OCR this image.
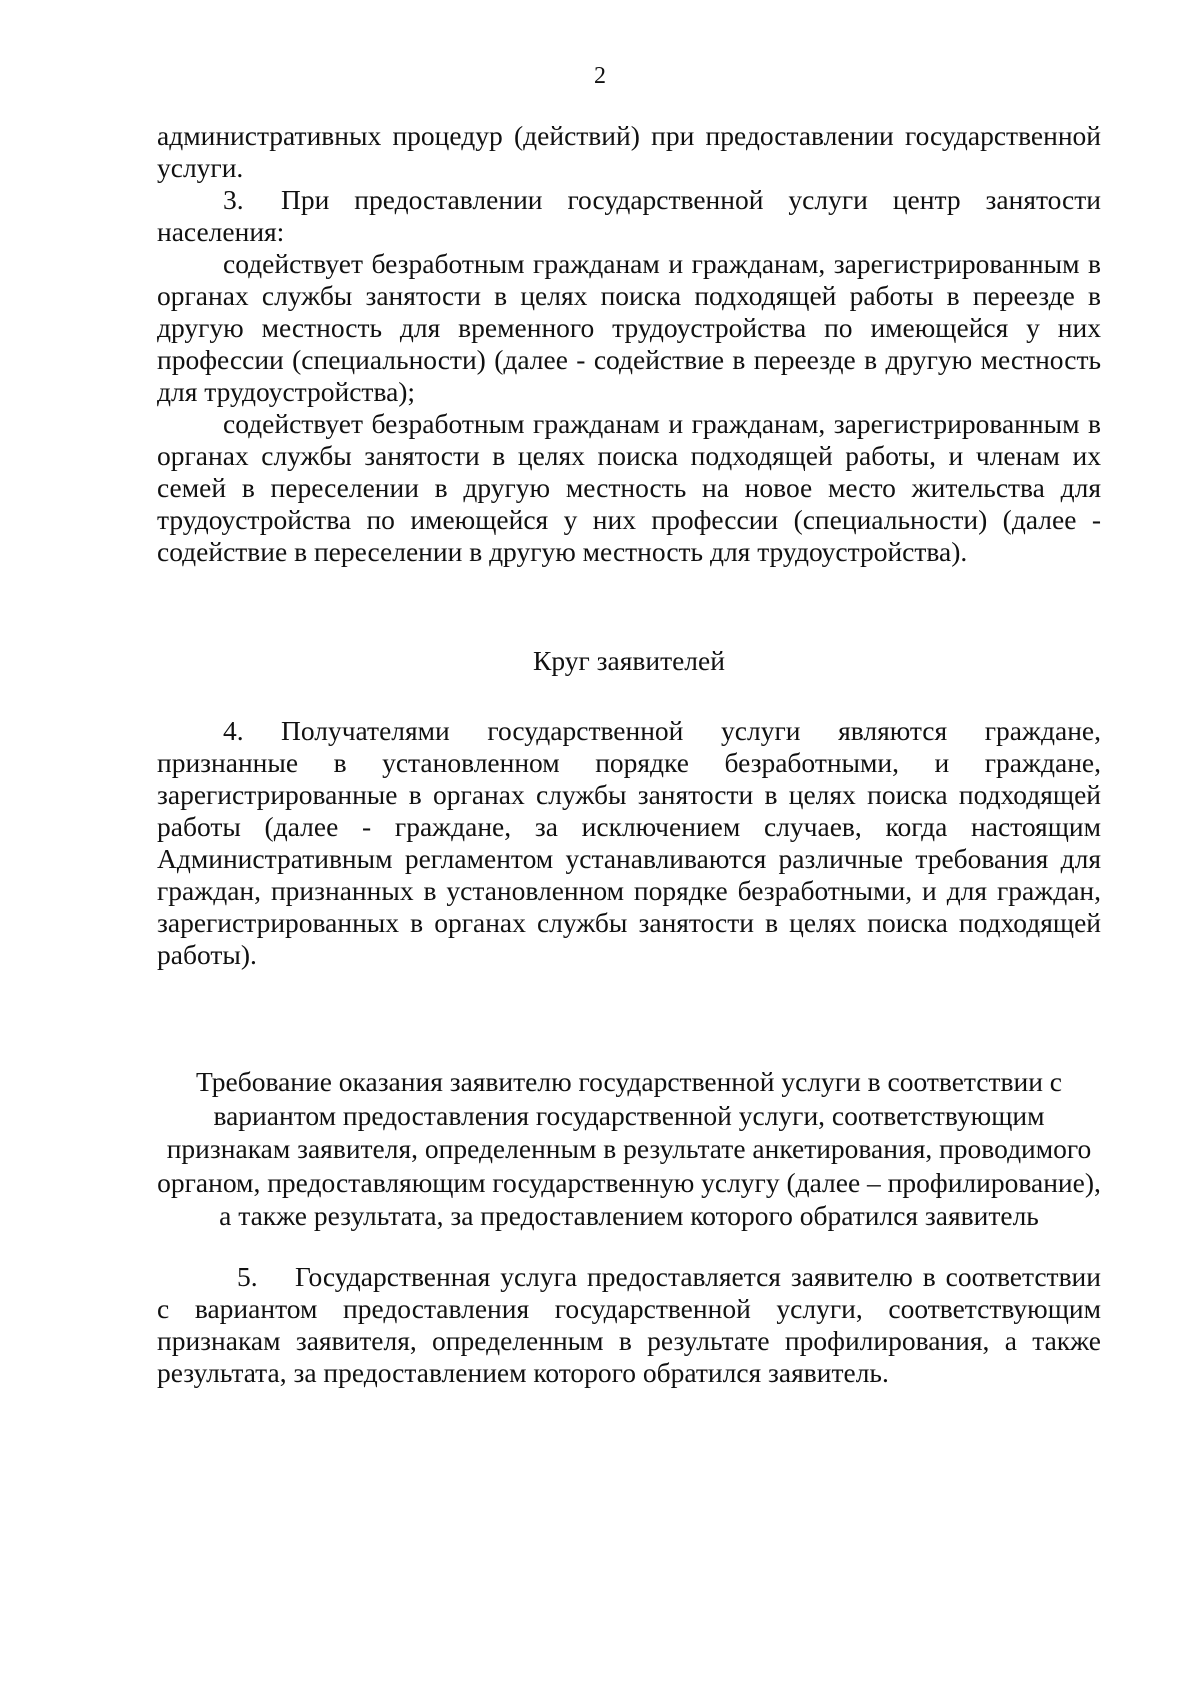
2

административных процедур (действий) при предоставлении государственной услуги.

3. При предоставлении государственной услуги центр занятости населения:

содействует безработным гражданам и гражданам, зарегистрированным в органах службы занятости в целях поиска подходящей работы в переезде в другую местность для временного трудоустройства по имеющейся у них профессии (специальности) (далее - содействие в переезде в другую местность для трудоустройства);

содействует безработным гражданам и гражданам, зарегистрированным в органах службы занятости в целях поиска подходящей работы, и членам их семей в переселении в другую местность на новое место жительства для трудоустройства по имеющейся у них профессии (специальности) (далее - содействие в переселении в другую местность для трудоустройства).

Круг заявителей

4. Получателями государственной услуги являются граждане, признанные в установленном порядке безработными, и граждане, зарегистрированные в органах службы занятости в целях поиска подходящей работы (далее - граждане, за исключением случаев, когда настоящим Административным регламентом устанавливаются различные требования для граждан, признанных в установленном порядке безработными, и для граждан, зарегистрированных в органах службы занятости в целях поиска подходящей работы).

Требование оказания заявителю государственной услуги в соответствии с вариантом предоставления государственной услуги, соответствующим признакам заявителя, определенным в результате анкетирования, проводимого органом, предоставляющим государственную услугу (далее – профилирование), а также результата, за предоставлением которого обратился заявитель

5. Государственная услуга предоставляется заявителю в соответствии с вариантом предоставления государственной услуги, соответствующим признакам заявителя, определенным в результате профилирования, а также результата, за предоставлением которого обратился заявитель.
